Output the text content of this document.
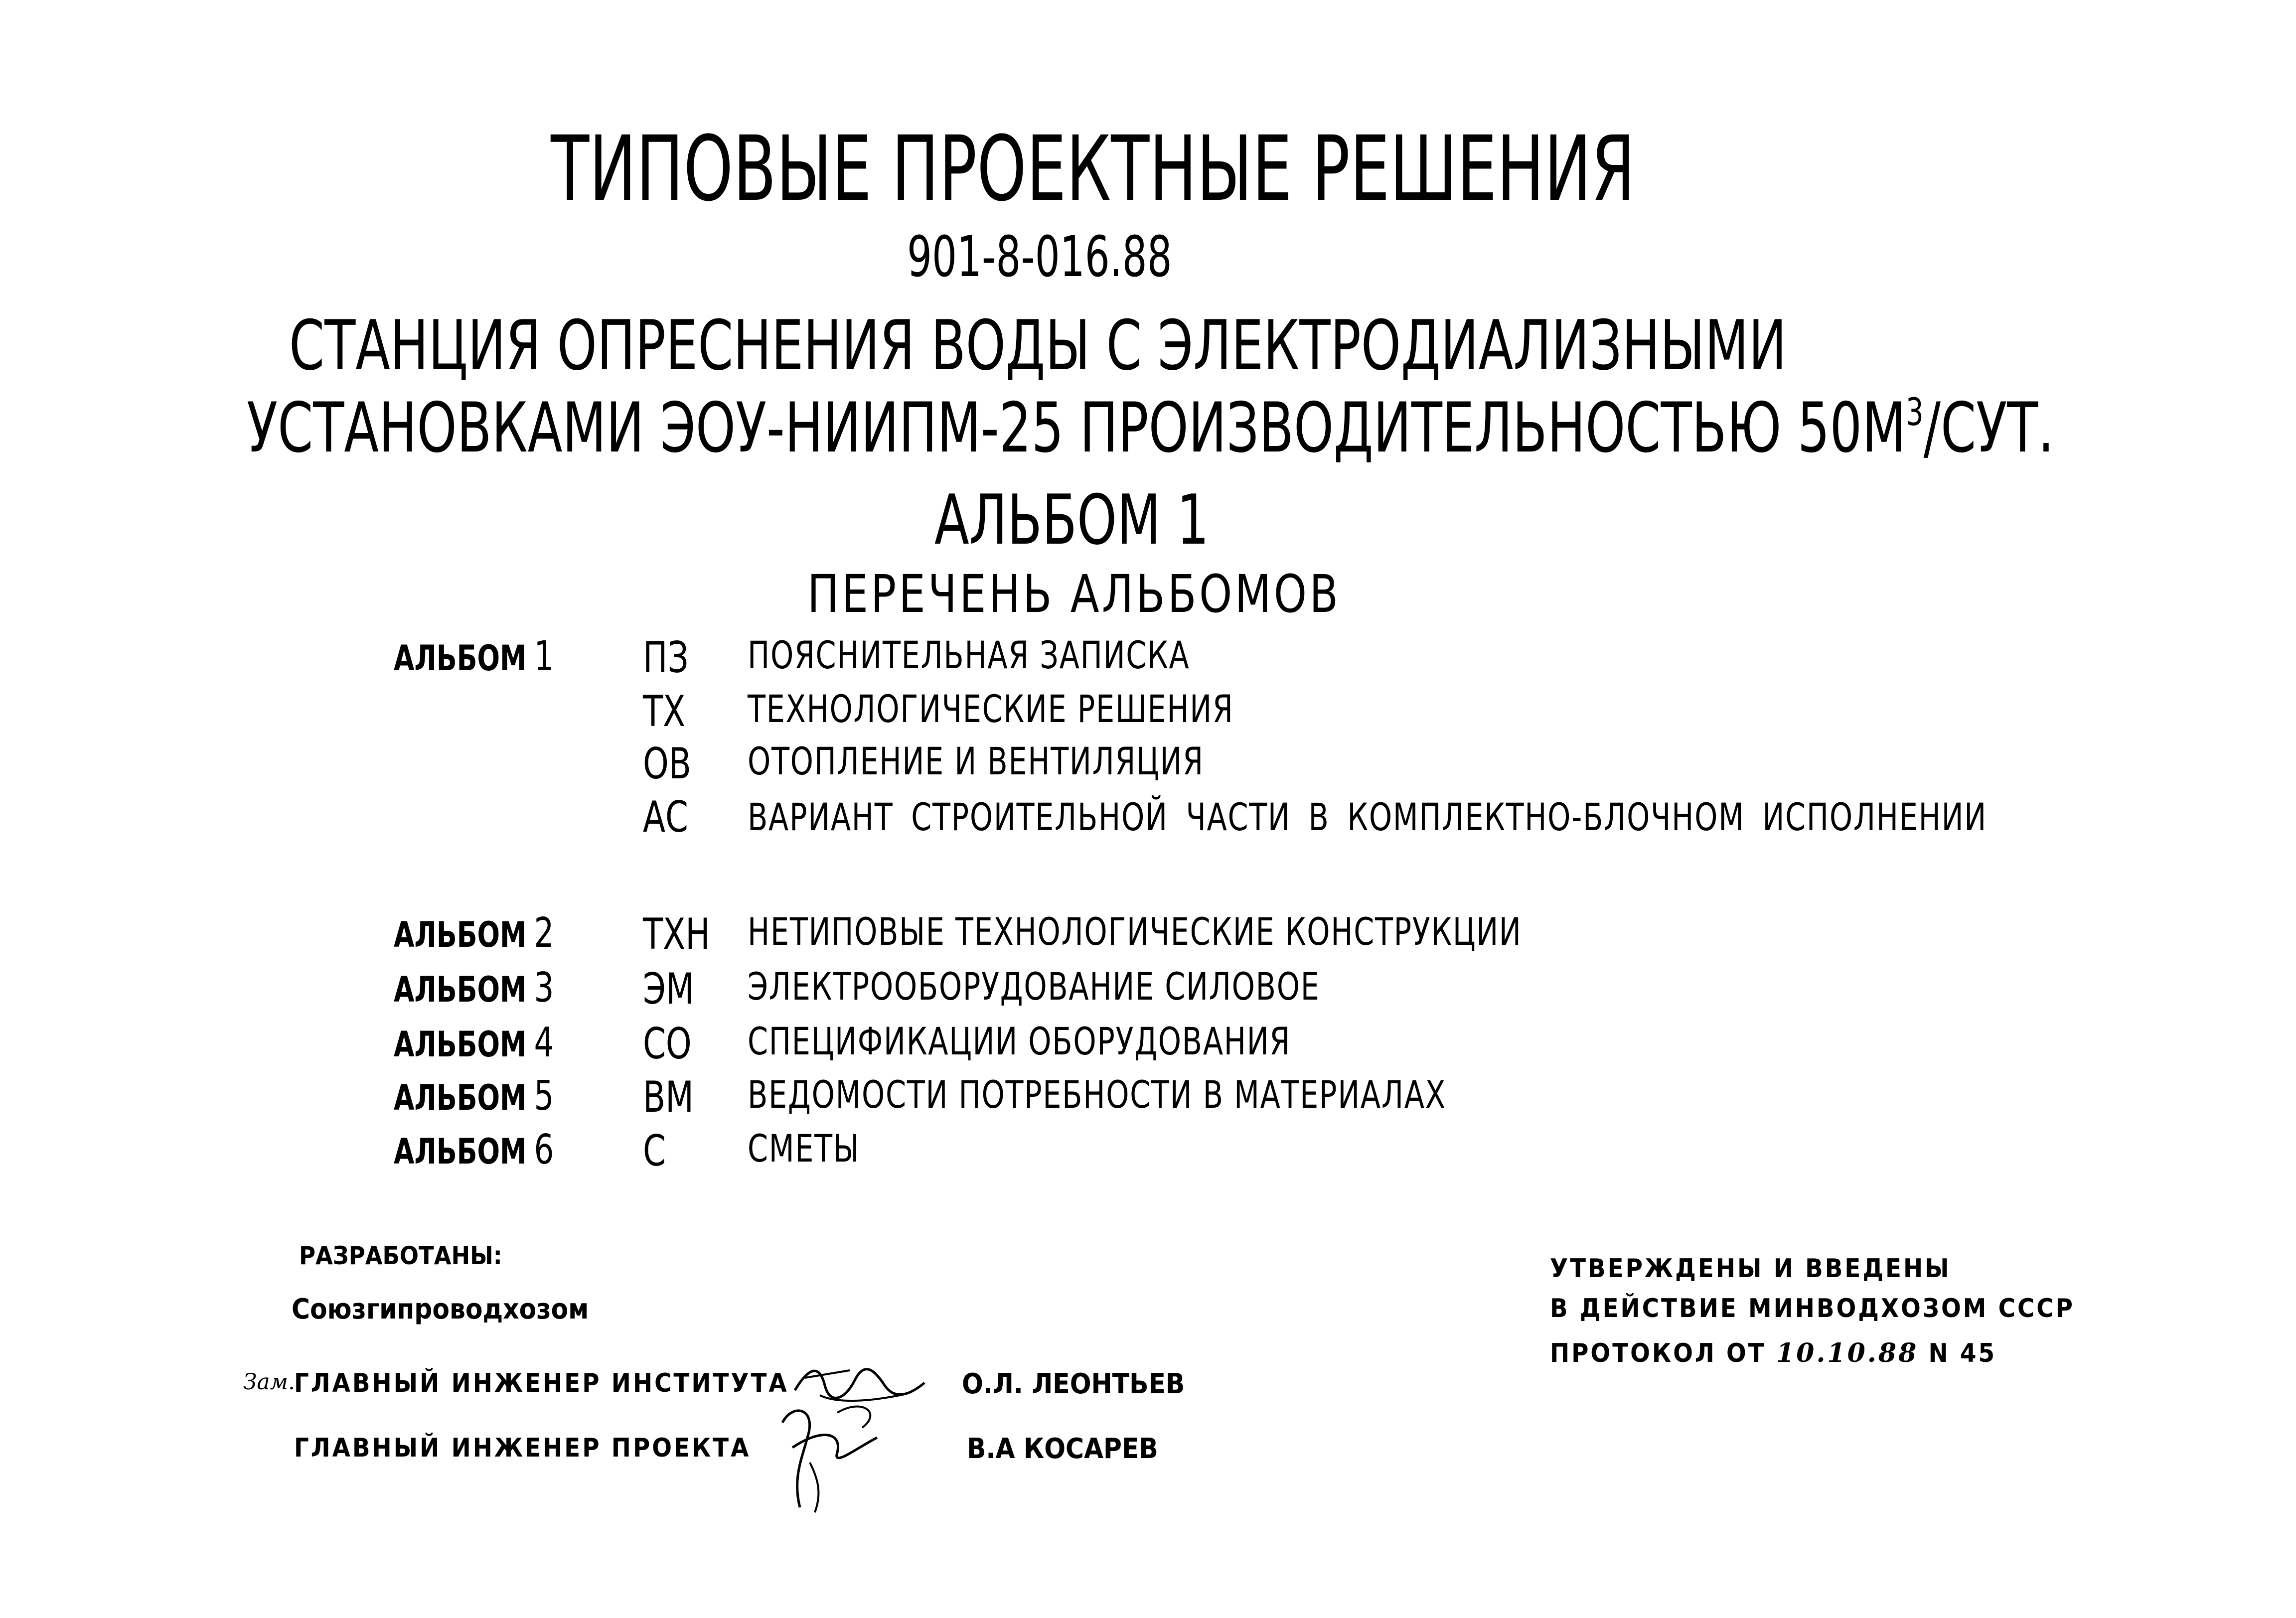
ТИПОВЫЕ ПРОЕКТНЫЕ РЕШЕНИЯ
901-8-016.88
СТАНЦИЯ ОПРЕСНЕНИЯ ВОДЫ С ЭЛЕКТРОДИАЛИЗНЫМИ
УСТАНОВКАМИ ЭОУ-НИИПМ-25 ПРОИЗВОДИТЕЛЬНОСТЬЮ $50М^3$/СУТ.
АЛЬБОМ 1
ПЕРЕЧЕНЬ АЛЬБОМОВ
АЛЬБОМ 1 ПЗ ПОЯСНИТЕЛЬНАЯ ЗАПИСКА
ТХ ТЕХНОЛОГИЧЕСКИЕ РЕШЕНИЯ
ОВ ОТОПЛЕНИЕ И ВЕНТИЛЯЦИЯ
АС ВАРИАНТ СТРОИТЕЛЬНОЙ ЧАСТИ В КОМПЛЕКТНО-БЛОЧНОМ ИСПОЛНЕНИИ
АЛЬБОМ 2 ТХН НЕТИПОВЫЕ ТЕХНОЛОГИЧЕСКИЕ КОНСТРУКЦИИ
АЛЬБОМ 3 ЭМ ЭЛЕКТРООБОРУДОВАНИЕ СИЛОВОЕ
АЛЬБОМ 4 СО СПЕЦИФИКАЦИИ ОБОРУДОВАНИЯ
АЛЬБОМ 5 ВМ ВЕДОМОСТИ ПОТРЕБНОСТИ В МАТЕРИАЛАХ
АЛЬБОМ 6 С СМЕТЫ
РАЗРАБОТАНЫ:
Союзгипроводхозом
Зам.
ГЛАВНЫЙ ИНЖЕНЕР ИНСТИТУТА	О.Л. ЛЕОНТЬЕВ
ГЛАВНЫЙ ИНЖЕНЕР ПРОЕКТА	В.А КОСАРЕВ
УТВЕРЖДЕНЫ И ВВЕДЕНЫ
В ДЕЙСТВИЕ МИНВОДХОЗОМ СССР
ПРОТОКОЛ ОТ 10.10.88 N 45
